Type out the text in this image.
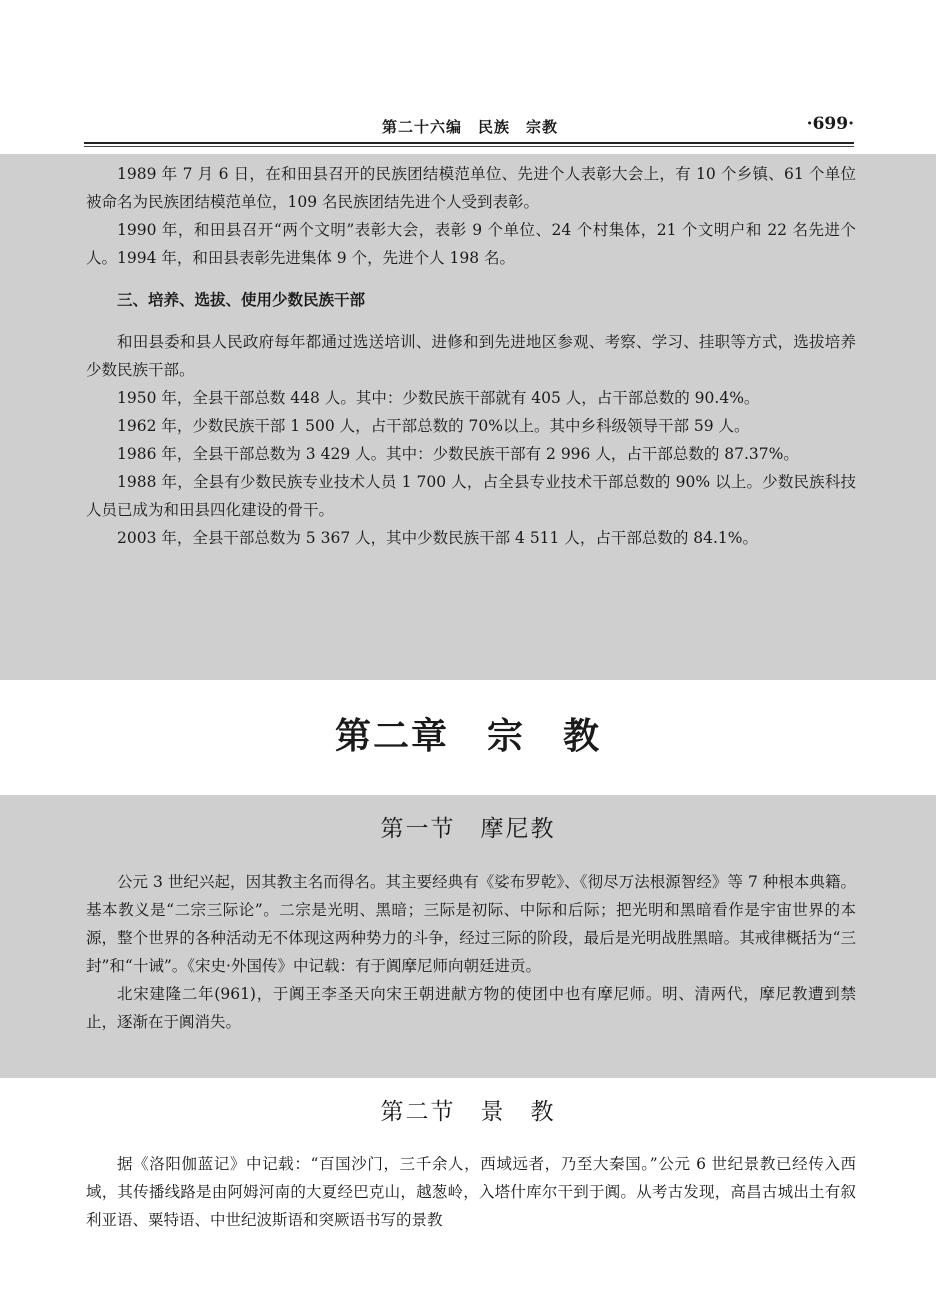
第二十六编　民族　宗教	·699·

1989 年 7 月 6 日，在和田县召开的民族团结模范单位、先进个人表彰大会上，有 10 个乡镇、61 个单位被命名为民族团结模范单位，109 名民族团结先进个人受到表彰。

1990 年，和田县召开“两个文明”表彰大会，表彰 9 个单位、24 个村集体，21 个文明户和 22 名先进个人。1994 年，和田县表彰先进集体 9 个，先进个人 198 名。

三、培养、选拔、使用少数民族干部

和田县委和县人民政府每年都通过选送培训、进修和到先进地区参观、考察、学习、挂职等方式，选拔培养少数民族干部。

1950 年，全县干部总数 448 人。其中：少数民族干部就有 405 人，占干部总数的 90.4%。

1962 年，少数民族干部 1 500 人，占干部总数的 70%以上。其中乡科级领导干部 59 人。

1986 年，全县干部总数为 3 429 人。其中：少数民族干部有 2 996 人，占干部总数的 87.37%。

1988 年，全县有少数民族专业技术人员 1 700 人，占全县专业技术干部总数的 90% 以上。少数民族科技人员已成为和田县四化建设的骨干。

2003 年，全县干部总数为 5 367 人，其中少数民族干部 4 511 人，占干部总数的 84.1%。

第二章　宗　教
第一节　摩尼教

公元 3 世纪兴起，因其教主名而得名。其主要经典有《娑布罗乾》、《彻尽万法根源智经》等 7 种根本典籍。基本教义是“二宗三际论”。二宗是光明、黑暗；三际是初际、中际和后际；把光明和黑暗看作是宇宙世界的本源，整个世界的各种活动无不体现这两种势力的斗争，经过三际的阶段，最后是光明战胜黑暗。其戒律概括为“三封”和“十诫”。《宋史·外国传》中记载：有于阗摩尼师向朝廷进贡。

北宋建隆二年(961)，于阗王李圣天向宋王朝进献方物的使团中也有摩尼师。明、清两代，摩尼教遭到禁止，逐渐在于阗消失。

第二节　景　教

据《洛阳伽蓝记》中记载：“百国沙门，三千余人，西域远者，乃至大秦国。”公元 6 世纪景教已经传入西域，其传播线路是由阿姆河南的大夏经巴克山，越葱岭，入塔什库尔干到于阗。从考古发现，高昌古城出土有叙利亚语、粟特语、中世纪波斯语和突厥语书写的景教
